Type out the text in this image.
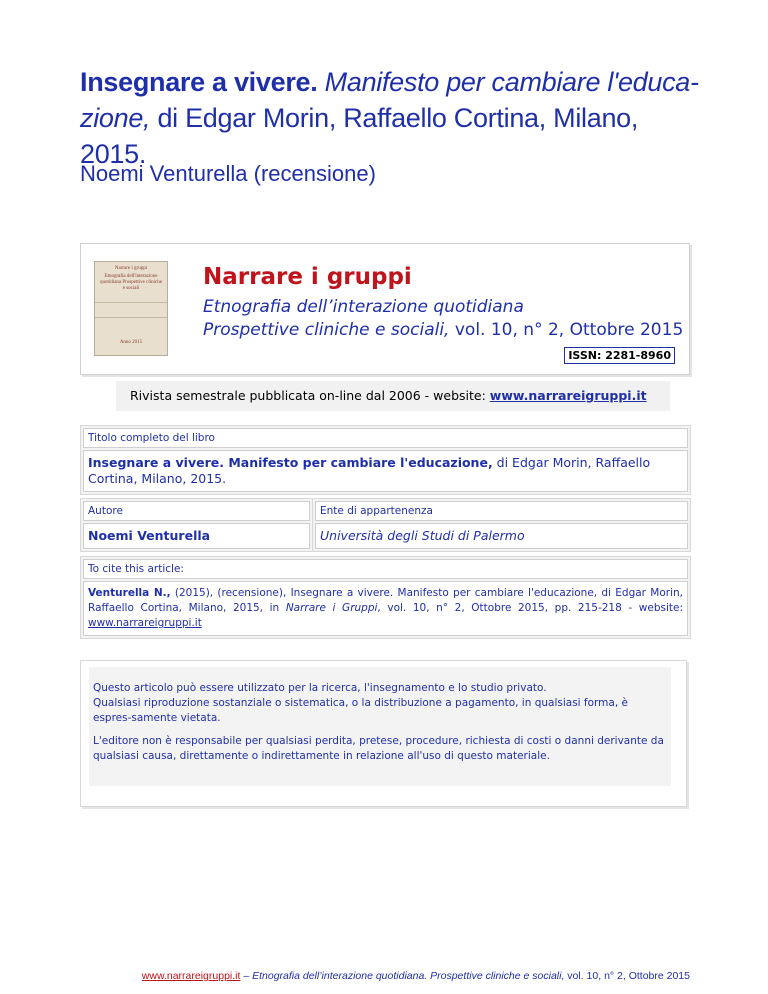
Insegnare a vivere. Manifesto per cambiare l'educa-
zione, di Edgar Morin, Raffaello Cortina, Milano, 2015.
Noemi Venturella (recensione)
Narrare i gruppi
Etnografia dell'interazione quotidiana Prospettive cliniche e sociali
Anno 2015
Narrare i gruppi
Etnografia dell’interazione quotidiana
Prospettive cliniche e sociali, vol. 10, n° 2, Ottobre 2015
ISSN: 2281-8960
Rivista semestrale pubblicata on-line dal 2006 - website: www.narrareigruppi.it
Titolo completo del libro
Insegnare a vivere. Manifesto per cambiare l'educazione, di Edgar Morin, Raffaello Cortina, Milano, 2015.
Autore
Noemi Venturella
Ente di appartenenza
Università degli Studi di Palermo
To cite this article:
Venturella N., (2015), (recensione), Insegnare a vivere. Manifesto per cambiare l'educazione, di Edgar Morin, Raffaello Cortina, Milano, 2015, in Narrare i Gruppi, vol. 10, n° 2, Ottobre 2015, pp. 215-218 - website: www.narrareigruppi.it
Questo articolo può essere utilizzato per la ricerca, l'insegnamento e lo studio privato.
Qualsiasi riproduzione sostanziale o sistematica, o la distribuzione a pagamento, in qualsiasi forma, è espres-samente vietata.
L'editore non è responsabile per qualsiasi perdita, pretese, procedure, richiesta di costi o danni derivante da qualsiasi causa, direttamente o indirettamente in relazione all'uso di questo materiale.
www.narrareigruppi.it – Etnografia dell’interazione quotidiana. Prospettive cliniche e sociali, vol. 10, n° 2, Ottobre 2015
